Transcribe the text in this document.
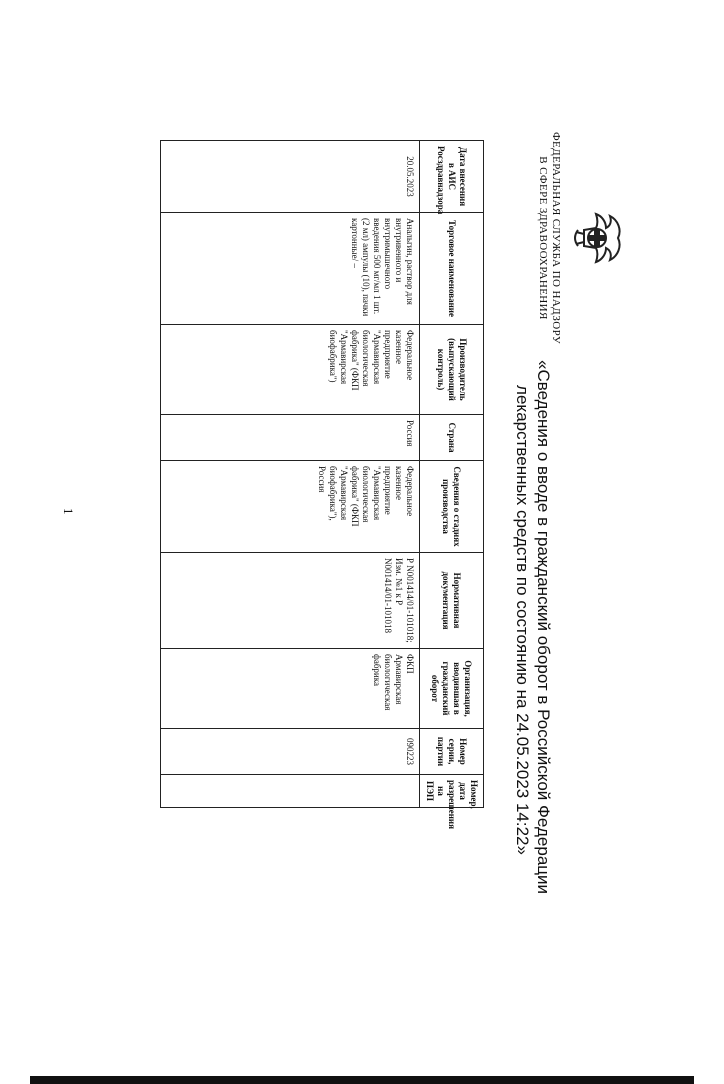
ФЕДЕРАЛЬНАЯ СЛУЖБА ПО НАДЗОРУ
В СФЕРЕ ЗДРАВООХРАНЕНИЯ
«Сведения о вводе в гражданский оборот в Российской Федерации
лекарственных средств по состоянию на 24.05.2023 14:22»
Дата внесения в АИС Росздравнадзора	Торговое наименование	Производитель (выпускающий контроль)	Страна	Сведения о стадиях производства	Нормативная документация	Организация, вводившая в гражданский оборот	Номер серии, партии	Номер, дата разрешения на ПЭП
20.05.2023	Анальгин, раствор для внутривенного и внутримышечного введения 500 мг/мл 1 шт. (2 мл) ампулы (10), пачки картонные/ –	Федеральное казенное предприятие "Армавирская биологическая фабрика" (ФКП "Армавирская биофабрика")	Россия	Федеральное казенное предприятие "Армавирская биологическая фабрика" (ФКП "Армавирская биофабрика"), Россия	Р N001414/01-101018; Изм. №1 к Р N001414/01-101018	ФКП Армавирская биологическая фабрика	090223	
1
